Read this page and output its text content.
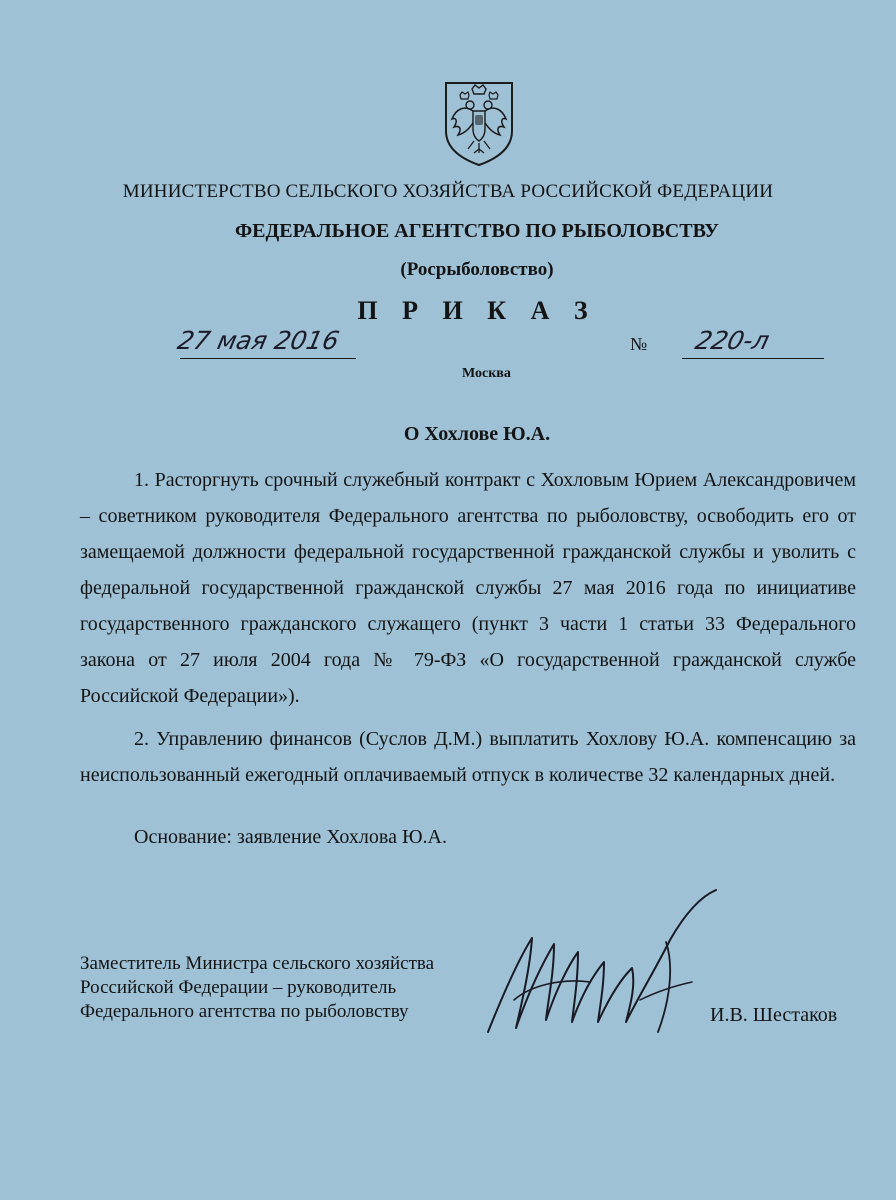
МИНИСТЕРСТВО СЕЛЬСКОГО ХОЗЯЙСТВА РОССИЙСКОЙ ФЕДЕРАЦИИ
ФЕДЕРАЛЬНОЕ АГЕНТСТВО ПО РЫБОЛОВСТВУ
(Росрыболовство)
П Р И К А З
27 мая 2016	№ 220-л
Москва
О Хохлове Ю.А.

1. Расторгнуть срочный служебный контракт с Хохловым Юрием Александровичем – советником руководителя Федерального агентства по рыболовству, освободить его от замещаемой должности федеральной государственной гражданской службы и уволить с федеральной государственной гражданской службы 27 мая 2016 года по инициативе государственного гражданского служащего (пункт 3 части 1 статьи 33 Федерального закона от 27 июля 2004 года № 79-ФЗ «О государственной гражданской службе Российской Федерации»).

2. Управлению финансов (Суслов Д.М.) выплатить Хохлову Ю.А. компенсацию за неиспользованный ежегодный оплачиваемый отпуск в количестве 32 календарных дней.

Основание: заявление Хохлова Ю.А.
Заместитель Министра сельского хозяйства
Российской Федерации – руководитель
Федерального агентства по рыболовству	И.В. Шестаков
